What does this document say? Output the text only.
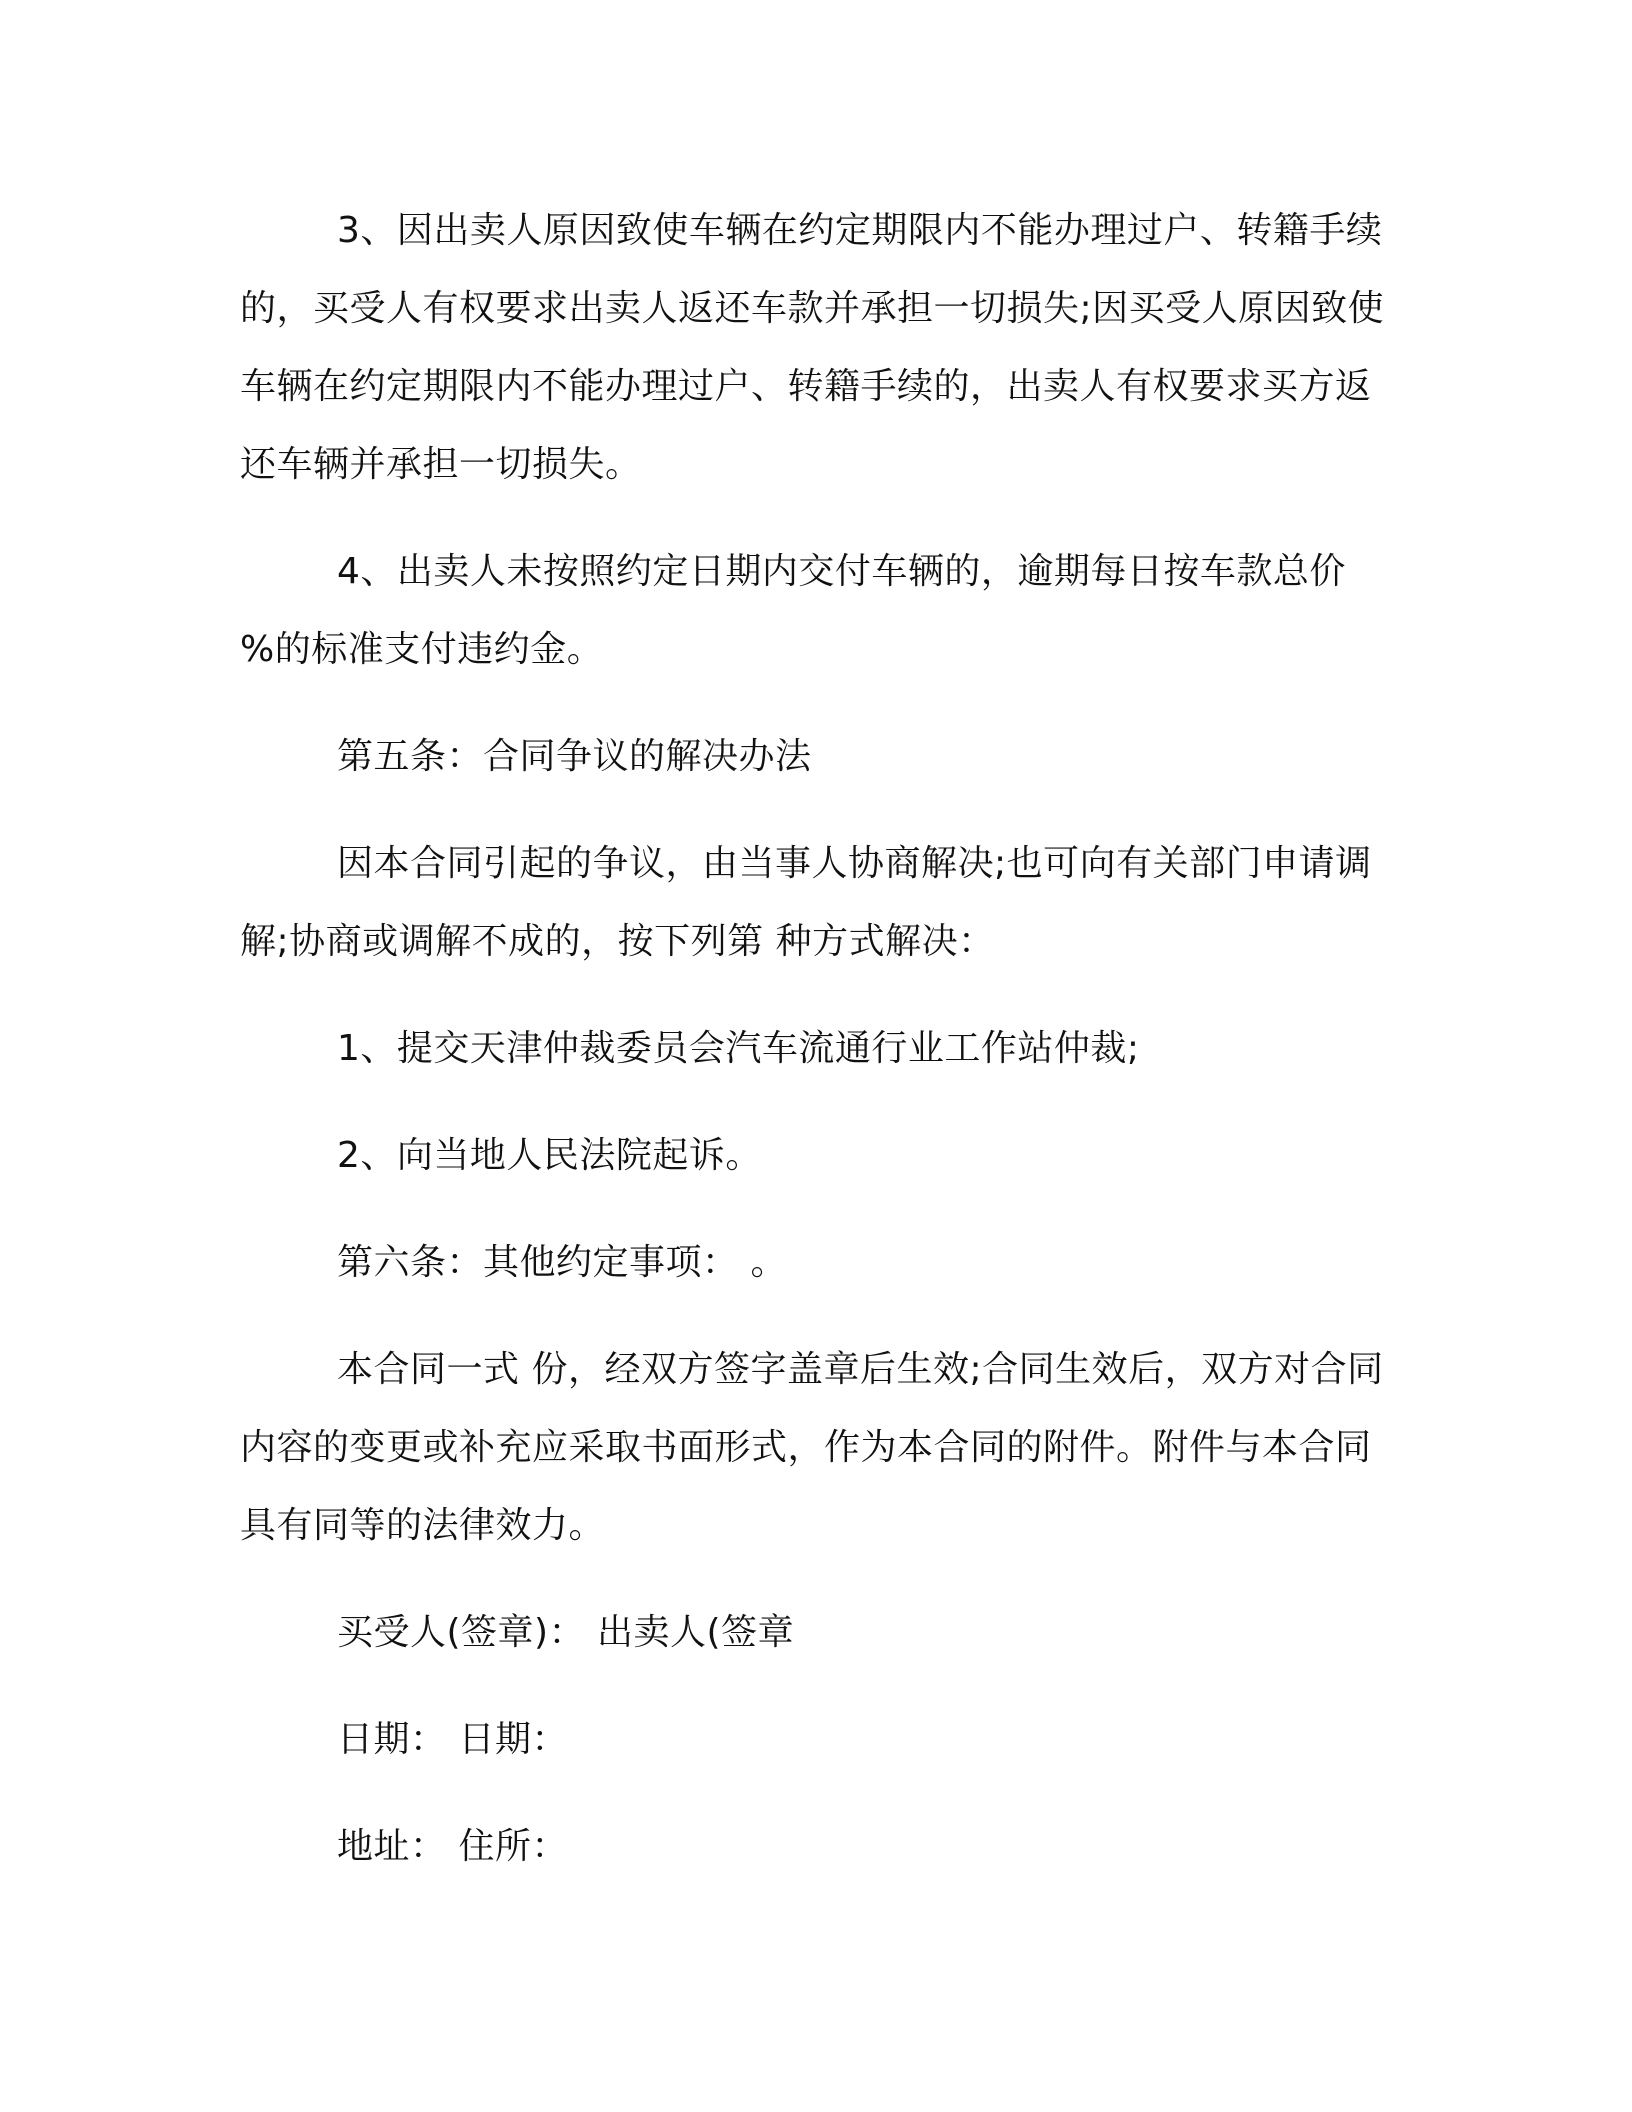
3、因出卖人原因致使车辆在约定期限内不能办理过户、转籍手续的，买受人有权要求出卖人返还车款并承担一切损失;因买受人原因致使车辆在约定期限内不能办理过户、转籍手续的，出卖人有权要求买方返还车辆并承担一切损失。

4、出卖人未按照约定日期内交付车辆的，逾期每日按车款总价 %的标准支付违约金。

第五条：合同争议的解决办法

因本合同引起的争议，由当事人协商解决;也可向有关部门申请调解;协商或调解不成的，按下列第 种方式解决：

1、提交天津仲裁委员会汽车流通行业工作站仲裁;

2、向当地人民法院起诉。

第六条：其他约定事项： 。

本合同一式 份，经双方签字盖章后生效;合同生效后，双方对合同内容的变更或补充应采取书面形式，作为本合同的附件。附件与本合同具有同等的法律效力。

买受人(签章)： 出卖人(签章

日期： 日期：

地址： 住所：
